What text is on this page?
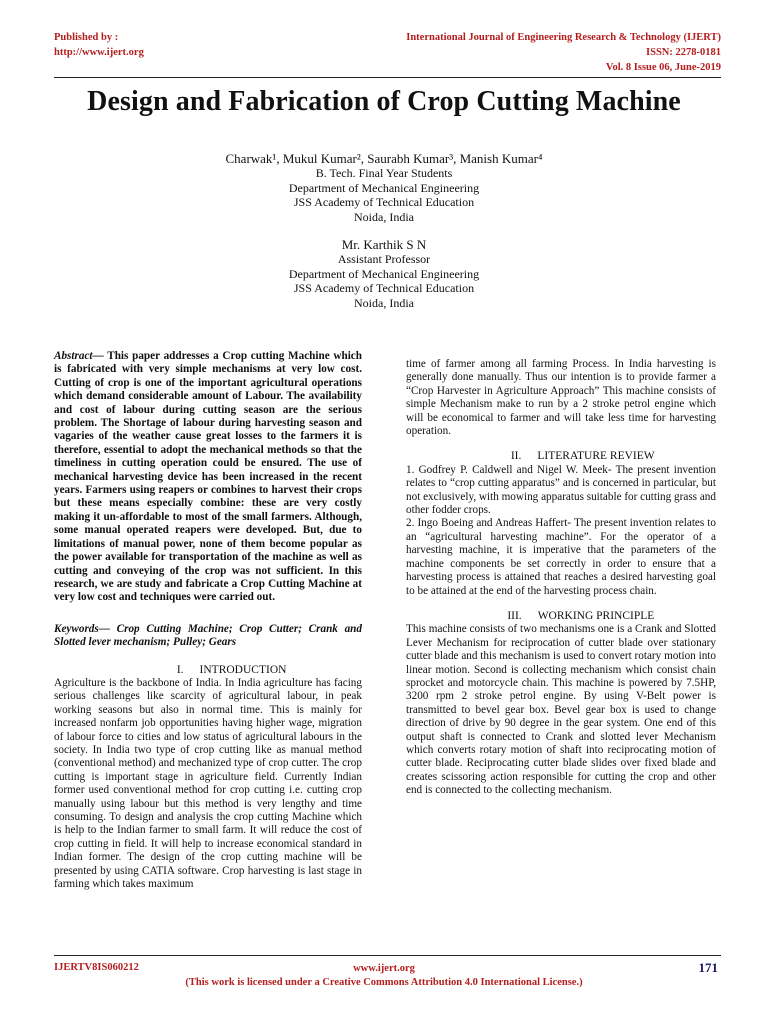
Published by :
http://www.ijert.org
International Journal of Engineering Research & Technology (IJERT)
ISSN: 2278-0181
Vol. 8 Issue 06, June-2019
Design and Fabrication of Crop Cutting Machine
Charwak¹, Mukul Kumar², Saurabh Kumar³, Manish Kumar⁴
B. Tech. Final Year Students
Department of Mechanical Engineering
JSS Academy of Technical Education
Noida, India
Mr. Karthik S N
Assistant Professor
Department of Mechanical Engineering
JSS Academy of Technical Education
Noida, India

Abstract— This paper addresses a Crop cutting Machine which is fabricated with very simple mechanisms at very low cost. Cutting of crop is one of the important agricultural operations which demand considerable amount of Labour. The availability and cost of labour during cutting season are the serious problem. The Shortage of labour during harvesting season and vagaries of the weather cause great losses to the farmers it is therefore, essential to adopt the mechanical methods so that the timeliness in cutting operation could be ensured. The use of mechanical harvesting device has been increased in the recent years. Farmers using reapers or combines to harvest their crops but these means especially combine: these are very costly making it un-affordable to most of the small farmers. Although, some manual operated reapers were developed. But, due to limitations of manual power, none of them become popular as the power available for transportation of the machine as well as cutting and conveying of the crop was not sufficient. In this research, we are study and fabricate a Crop Cutting Machine at very low cost and techniques were carried out.

Keywords— Crop Cutting Machine; Crop Cutter; Crank and Slotted lever mechanism; Pulley; Gears

I. INTRODUCTION

Agriculture is the backbone of India. In India agriculture has facing serious challenges like scarcity of agricultural labour, in peak working seasons but also in normal time. This is mainly for increased nonfarm job opportunities having higher wage, migration of labour force to cities and low status of agricultural labours in the society. In India two type of crop cutting like as manual method (conventional method) and mechanized type of crop cutter. The crop cutting is important stage in agriculture field. Currently Indian former used conventional method for crop cutting i.e. cutting crop manually using labour but this method is very lengthy and time consuming. To design and analysis the crop cutting Machine which is help to the Indian farmer to small farm. It will reduce the cost of crop cutting in field. It will help to increase economical standard in Indian former. The design of the crop cutting machine will be presented by using CATIA software. Crop harvesting is last stage in farming which takes maximum

time of farmer among all farming Process. In India harvesting is generally done manually. Thus our intention is to provide farmer a “Crop Harvester in Agriculture Approach” This machine consists of simple Mechanism make to run by a 2 stroke petrol engine which will be economical to farmer and will take less time for harvesting operation.

II. LITERATURE REVIEW

1. Godfrey P. Caldwell and Nigel W. Meek- The present invention relates to “crop cutting apparatus” and is concerned in particular, but not exclusively, with mowing apparatus suitable for cutting grass and other fodder crops.

2. Ingo Boeing and Andreas Haffert- The present invention relates to an “agricultural harvesting machine”. For the operator of a harvesting machine, it is imperative that the parameters of the machine components be set correctly in order to ensure that a harvesting process is attained that reaches a desired harvesting goal to be attained at the end of the harvesting process chain.

III. WORKING PRINCIPLE

This machine consists of two mechanisms one is a Crank and Slotted Lever Mechanism for reciprocation of cutter blade over stationary cutter blade and this mechanism is used to convert rotary motion into linear motion. Second is collecting mechanism which consist chain sprocket and motorcycle chain. This machine is powered by 7.5HP, 3200 rpm 2 stroke petrol engine. By using V-Belt power is transmitted to bevel gear box. Bevel gear box is used to change direction of drive by 90 degree in the gear system. One end of this output shaft is connected to Crank and slotted lever Mechanism which converts rotary motion of shaft into reciprocating motion of cutter blade. Reciprocating cutter blade slides over fixed blade and creates scissoring action responsible for cutting the crop and other end is connected to the collecting mechanism.

IJERTV8IS060212	www.ijert.org
(This work is licensed under a Creative Commons Attribution 4.0 International License.)
171
